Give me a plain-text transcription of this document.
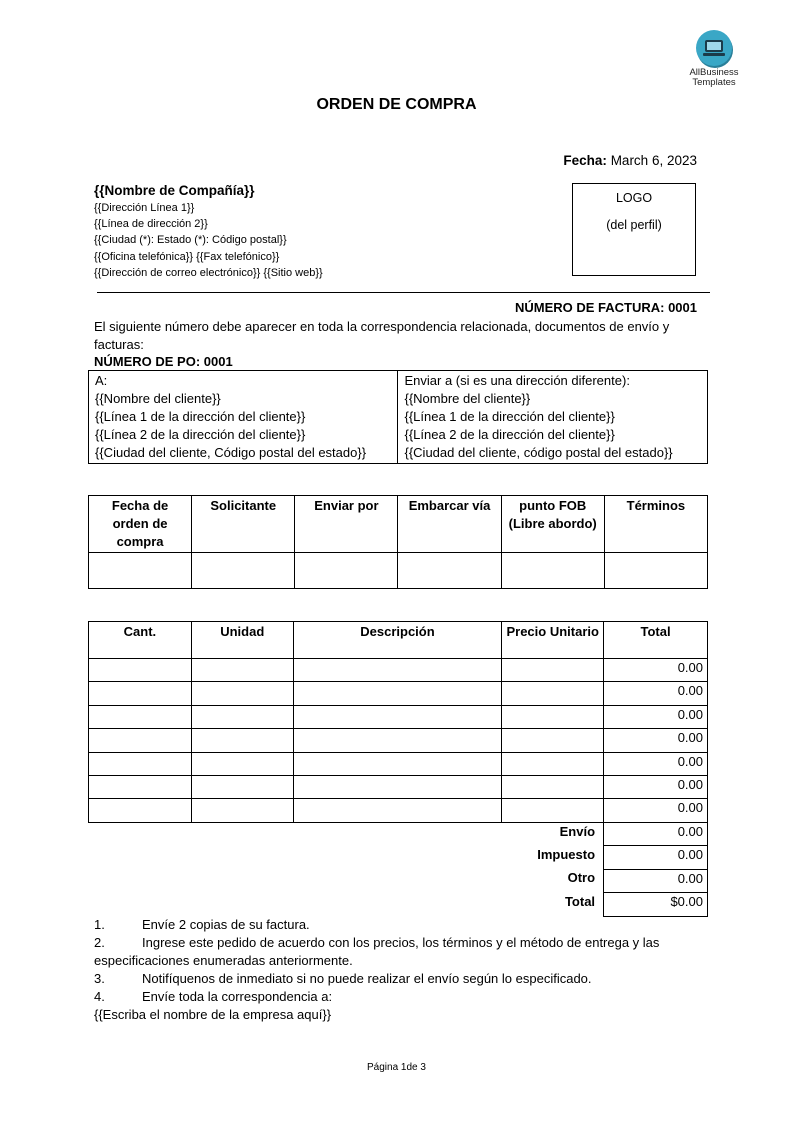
AllBusiness
Templates
ORDEN DE COMPRA
Fecha: March 6, 2023
{{Nombre de Compañía}}
{{Dirección Línea 1}}
{{Línea de dirección 2}}
{{Ciudad (*): Estado (*): Código postal}}
{{Oficina telefónica}} {{Fax telefónico}}
{{Dirección de correo electrónico}} {{Sitio web}}
LOGO
(del perfil)
NÚMERO DE FACTURA: 0001
El siguiente número debe aparecer en toda la correspondencia relacionada, documentos de envío y facturas:
NÚMERO DE PO: 0001
A:
{{Nombre del cliente}}
{{Línea 1 de la dirección del cliente}}
{{Línea 2 de la dirección del cliente}}
{{Ciudad del cliente, Código postal del estado}}

Enviar a (si es una dirección diferente):
{{Nombre del cliente}}
{{Línea 1 de la dirección del cliente}}
{{Línea 2 de la dirección del cliente}}
{{Ciudad del cliente, código postal del estado}}
Fecha de orden de compra	Solicitante	Enviar por	Embarcar vía	punto FOB (Libre abordo)	Términos

Cant.	Unidad	Descripción	Precio Unitario	Total
				0.00
				0.00
				0.00
				0.00
				0.00
				0.00
				0.00
Envío	0.00
Impuesto	0.00
Otro	0.00
Total	$0.00
1.	Envíe 2 copias de su factura.
2.	Ingrese este pedido de acuerdo con los precios, los términos y el método de entrega y las especificaciones enumeradas anteriormente.
3.	Notifíquenos de inmediato si no puede realizar el envío según lo especificado.
4.	Envíe toda la correspondencia a:
{{Escriba el nombre de la empresa aquí}}
Página 1de 3
